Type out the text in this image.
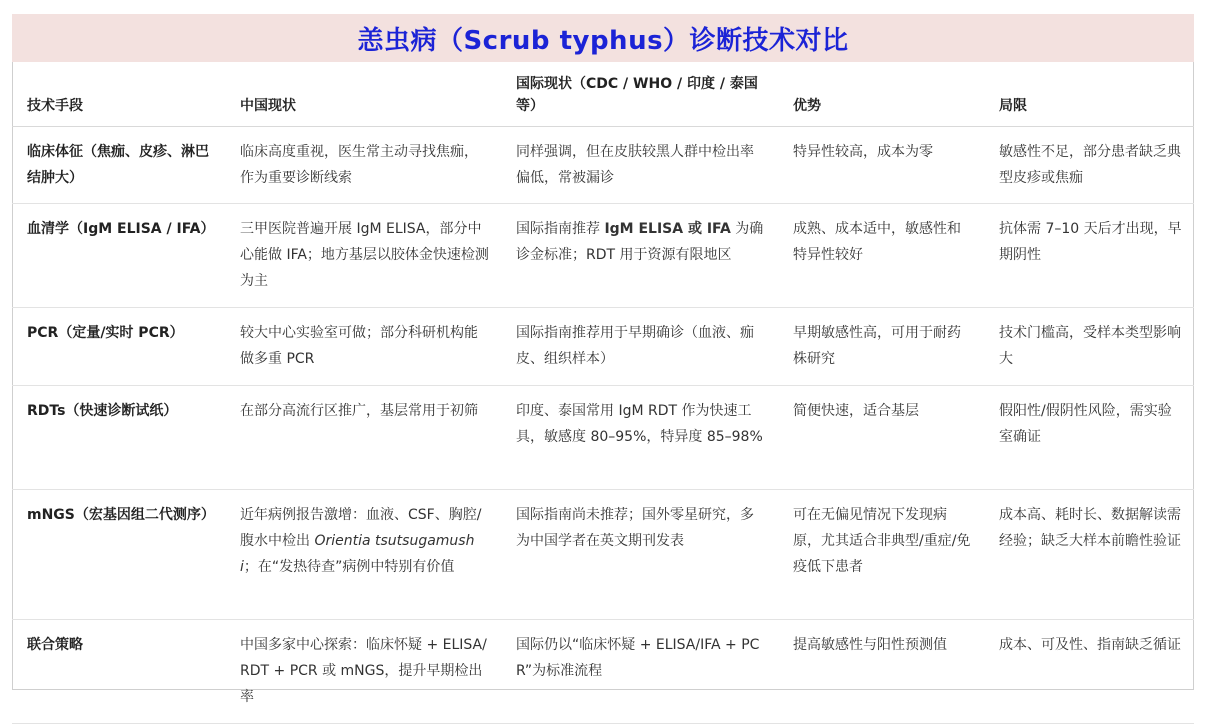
恙虫病（Scrub typhus）诊断技术对比
技术手段	中国现状	国际现状（CDC / WHO / 印度 / 泰国等）	优势	局限
临床体征（焦痂、皮疹、淋巴结肿大）	临床高度重视，医生常主动寻找焦痂，作为重要诊断线索	同样强调，但在皮肤较黑人群中检出率偏低，常被漏诊	特异性较高，成本为零	敏感性不足，部分患者缺乏典型皮疹或焦痂
血清学（IgM ELISA / IFA）	三甲医院普遍开展 IgM ELISA，部分中心能做 IFA；地方基层以胶体金快速检测为主	国际指南推荐 IgM ELISA 或 IFA 为确诊金标准；RDT 用于资源有限地区	成熟、成本适中，敏感性和特异性较好	抗体需 7–10 天后才出现，早期阴性
PCR（定量/实时 PCR）	较大中心实验室可做；部分科研机构能做多重 PCR	国际指南推荐用于早期确诊（血液、痂皮、组织样本）	早期敏感性高，可用于耐药株研究	技术门槛高，受样本类型影响大
RDTs（快速诊断试纸）	在部分高流行区推广，基层常用于初筛	印度、泰国常用 IgM RDT 作为快速工具，敏感度 80–95%，特异度 85–98%	简便快速，适合基层	假阳性/假阴性风险，需实验室确证
mNGS（宏基因组二代测序）	近年病例报告激增：血液、CSF、胸腔/腹水中检出 Orientia tsutsugamushi；在“发热待查”病例中特别有价值	国际指南尚未推荐；国外零星研究，多为中国学者在英文期刊发表	可在无偏见情况下发现病原，尤其适合非典型/重症/免疫低下患者	成本高、耗时长、数据解读需经验；缺乏大样本前瞻性验证
联合策略	中国多家中心探索：临床怀疑 + ELISA/RDT + PCR 或 mNGS，提升早期检出率	国际仍以“临床怀疑 + ELISA/IFA + PCR”为标准流程	提高敏感性与阳性预测值	成本、可及性、指南缺乏循证
